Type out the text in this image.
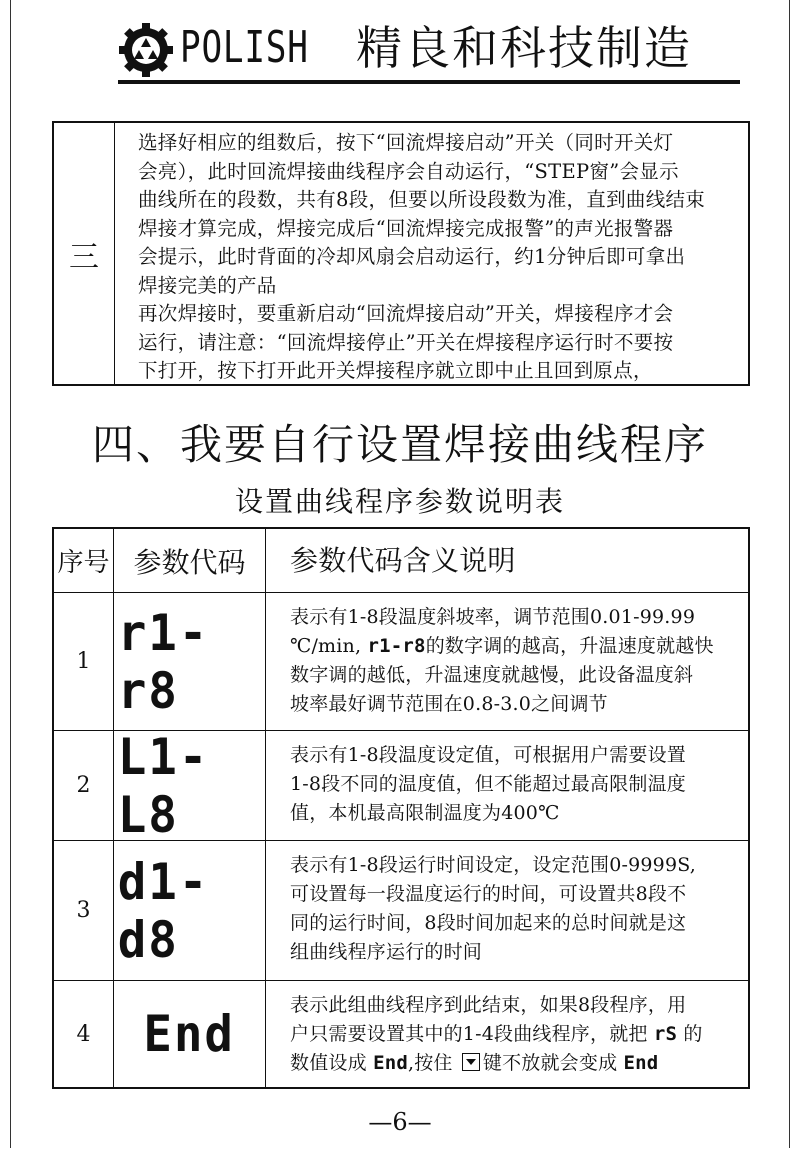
POLISH 精良和科技制造
三

选择好相应的组数后，按下“回流焊接启动”开关（同时开关灯

会亮），此时回流焊接曲线程序会自动运行，“STEP窗”会显示

曲线所在的段数，共有8段，但要以所设段数为准，直到曲线结束

焊接才算完成，焊接完成后“回流焊接完成报警”的声光报警器

会提示，此时背面的冷却风扇会启动运行，约1分钟后即可拿出

焊接完美的产品

再次焊接时，要重新启动“回流焊接启动”开关，焊接程序才会

运行，请注意：“回流焊接停止”开关在焊接程序运行时不要按

下打开，按下打开此开关焊接程序就立即中止且回到原点，

四、我要自行设置焊接曲线程序
设置曲线程序参数说明表
序号 参数代码	参数代码含义说明
1 r1-r8
表示有1-8段温度斜坡率，调节范围0.01-99.99
℃/min, r1-r8的数字调的越高，升温速度就越快
数字调的越低，升温速度就越慢，此设备温度斜
坡率最好调节范围在0.8-3.0之间调节
2 L1-L8
表示有1-8段温度设定值，可根据用户需要设置
1-8段不同的温度值，但不能超过最高限制温度
值，本机最高限制温度为400℃
3 d1-d8
表示有1-8段运行时间设定，设定范围0-9999S,
可设置每一段温度运行的时间，可设置共8段不
同的运行时间，8段时间加起来的总时间就是这
组曲线程序运行的时间
4	End	表示此组曲线程序到此结束，如果8段程序，用
户只需要设置其中的1-4段曲线程序，就把 rS 的
数值设成 End,按住 键不放就会变成 End
—6—
